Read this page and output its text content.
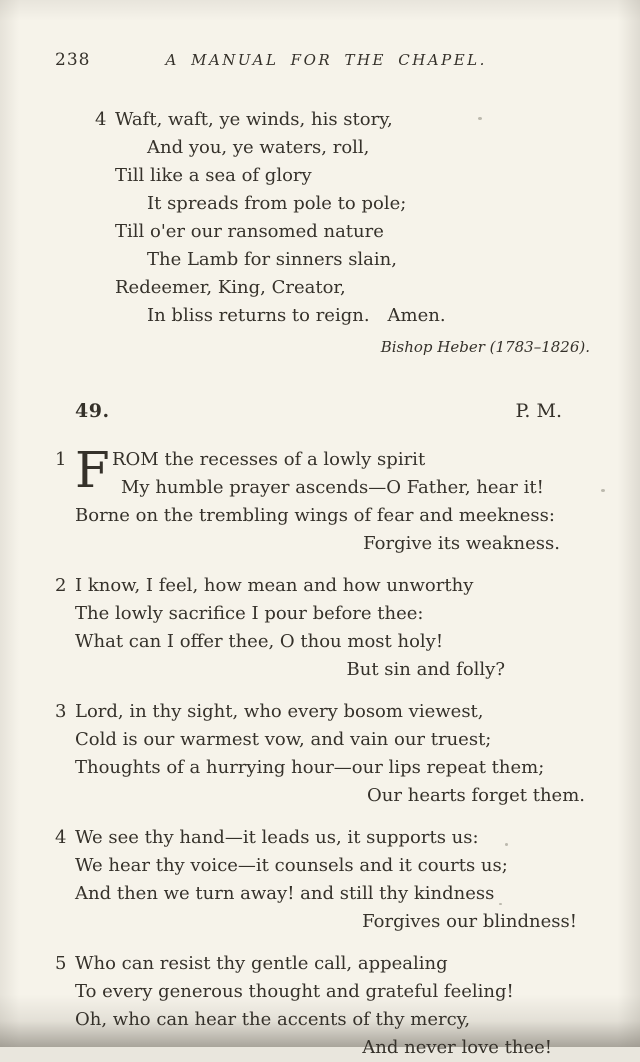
238	A MANUAL FOR THE CHAPEL.
4 Waft, waft, ye winds, his story,
And you, ye waters, roll,
Till like a sea of glory
It spreads from pole to pole;
Till o'er our ransomed nature
The Lamb for sinners slain,
Redeemer, King, Creator,
In bliss returns to reign. Amen.
Bishop Heber (1783–1826).
49.	P. M.
1 F ROM the recesses of a lowly spirit
My humble prayer ascends—O Father, hear it!
Borne on the trembling wings of fear and meekness:
Forgive its weakness.
2 I know, I feel, how mean and how unworthy
The lowly sacrifice I pour before thee:
What can I offer thee, O thou most holy!
But sin and folly?
3 Lord, in thy sight, who every bosom viewest,
Cold is our warmest vow, and vain our truest;
Thoughts of a hurrying hour—our lips repeat them;
Our hearts forget them.
4 We see thy hand—it leads us, it supports us:
We hear thy voice—it counsels and it courts us;
And then we turn away! and still thy kindness
Forgives our blindness!
5 Who can resist thy gentle call, appealing
To every generous thought and grateful feeling!
Oh, who can hear the accents of thy mercy,
And never love thee!
